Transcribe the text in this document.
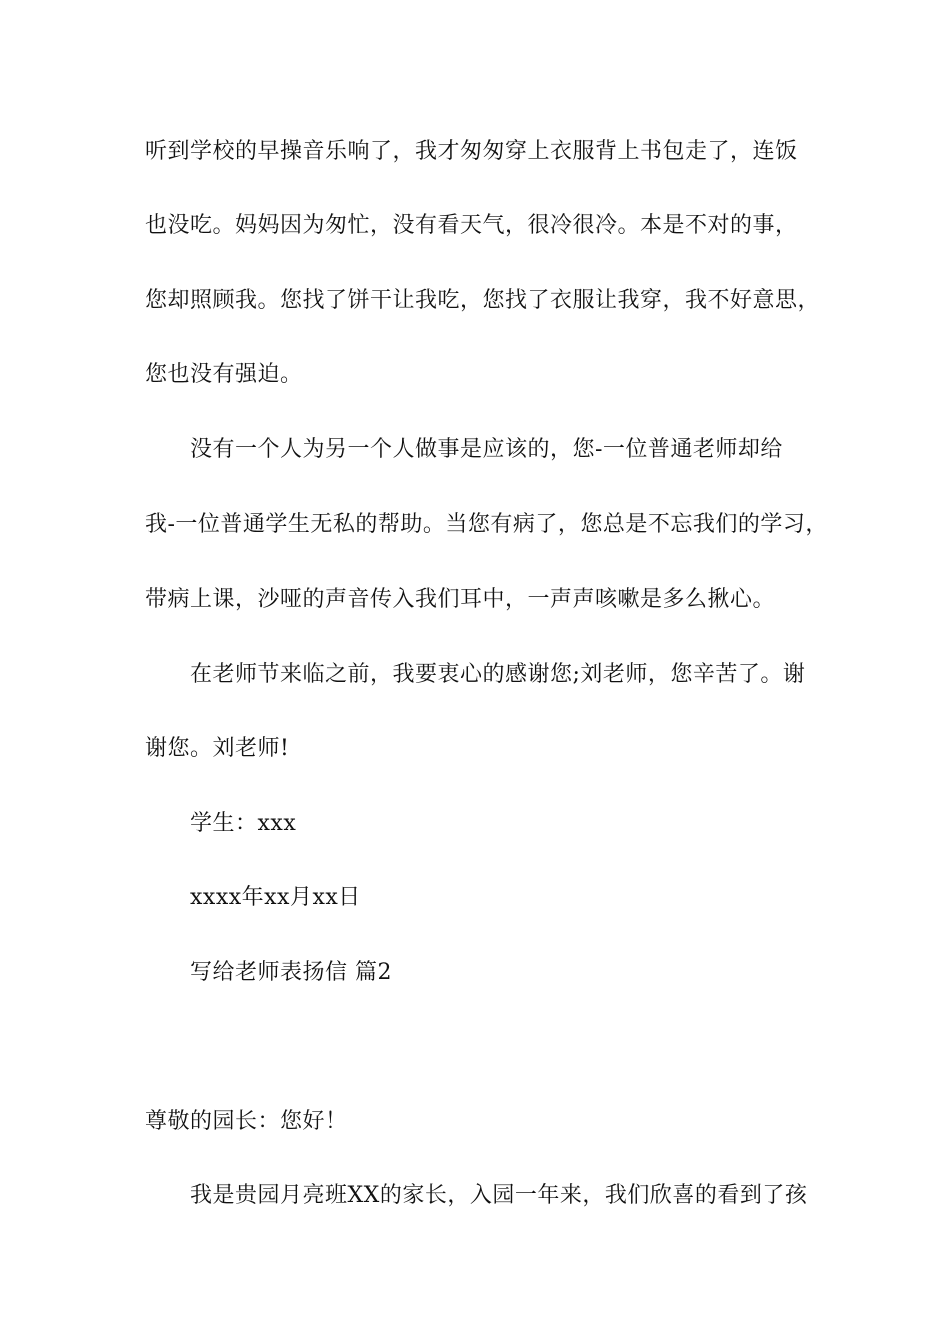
听到学校的早操音乐响了，我才匆匆穿上衣服背上书包走了，连饭
也没吃。妈妈因为匆忙，没有看天气，很冷很冷。本是不对的事，
您却照顾我。您找了饼干让我吃，您找了衣服让我穿，我不好意思，
您也没有强迫。
没有一个人为另一个人做事是应该的，您-一位普通老师却给
我-一位普通学生无私的帮助。当您有病了，您总是不忘我们的学习，
带病上课，沙哑的声音传入我们耳中，一声声咳嗽是多么揪心。
在老师节来临之前，我要衷心的感谢您;刘老师，您辛苦了。谢
谢您。刘老师!
学生：xxx
xxxx年xx月xx日
写给老师表扬信 篇2
尊敬的园长：您好！
我是贵园月亮班XX的家长，入园一年来，我们欣喜的看到了孩
